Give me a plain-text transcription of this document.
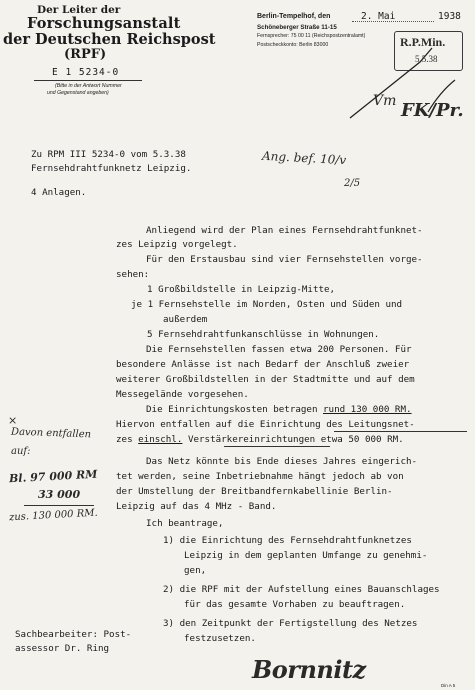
Der Leiter der
Forschungsanstalt
der Deutschen Reichspost
(RPF)
E 1 5234-0
(Bitte in der Antwort Nummer
und Gegenstand angeben)
Berlin-Tempelhof, den	2. Mai	1938
Schöneberger Straße 11-15
Fernsprecher: 75 00 11 (Reichspostzentralamt)
Postscheckkonto: Berlin 83000	R.P.Min.
5.5.38
Vm FK/Pr.
Zu RPM III 5234-0 vom 5.3.38
Fernsehdrahtfunknetz Leipzig.
4 Anlagen.
Ang. bef. 10/v
2/5
Anliegend wird der Plan eines Fernsehdrahtfunknet-
zes Leipzig vorgelegt.
Für den Erstausbau sind vier Fernsehstellen vorge-
sehen:
1 Großbildstelle in Leipzig-Mitte,
je 1 Fernsehstelle im Norden, Osten und Süden und
außerdem
5 Fernsehdrahtfunkanschlüsse in Wohnungen.
Die Fernsehstellen fassen etwa 200 Personen. Für
besondere Anlässe ist nach Bedarf der Anschluß zweier
weiterer Großbildstellen in der Stadtmitte und auf dem
Messegelände vorgesehen.
Die Einrichtungskosten betragen rund 130 000 RM.
Hiervon entfallen auf die Einrichtung des Leitungsnet-
zes einschl. Verstärkereinrichtungen etwa 50 000 RM.
Das Netz könnte bis Ende dieses Jahres eingerich-
tet werden, seine Inbetriebnahme hängt jedoch ab von
der Umstellung der Breitbandfernkabellinie Berlin-
Leipzig auf das 4 MHz - Band.
Ich beantrage,
1) die Einrichtung des Fernsehdrahtfunknetzes
Leipzig in dem geplanten Umfange zu genehmi-
gen,
2) die RPF mit der Aufstellung eines Bauanschlages
für das gesamte Vorhaben zu beauftragen.
3) den Zeitpunkt der Fertigstellung des Netzes
festzusetzen.
×
Davon entfallen
auf:
Bl. 97 000 RM
33 000
zus. 130 000 RM.
Sachbearbeiter: Post-
assessor Dr. Ring
Bornnitz
Din A 5
